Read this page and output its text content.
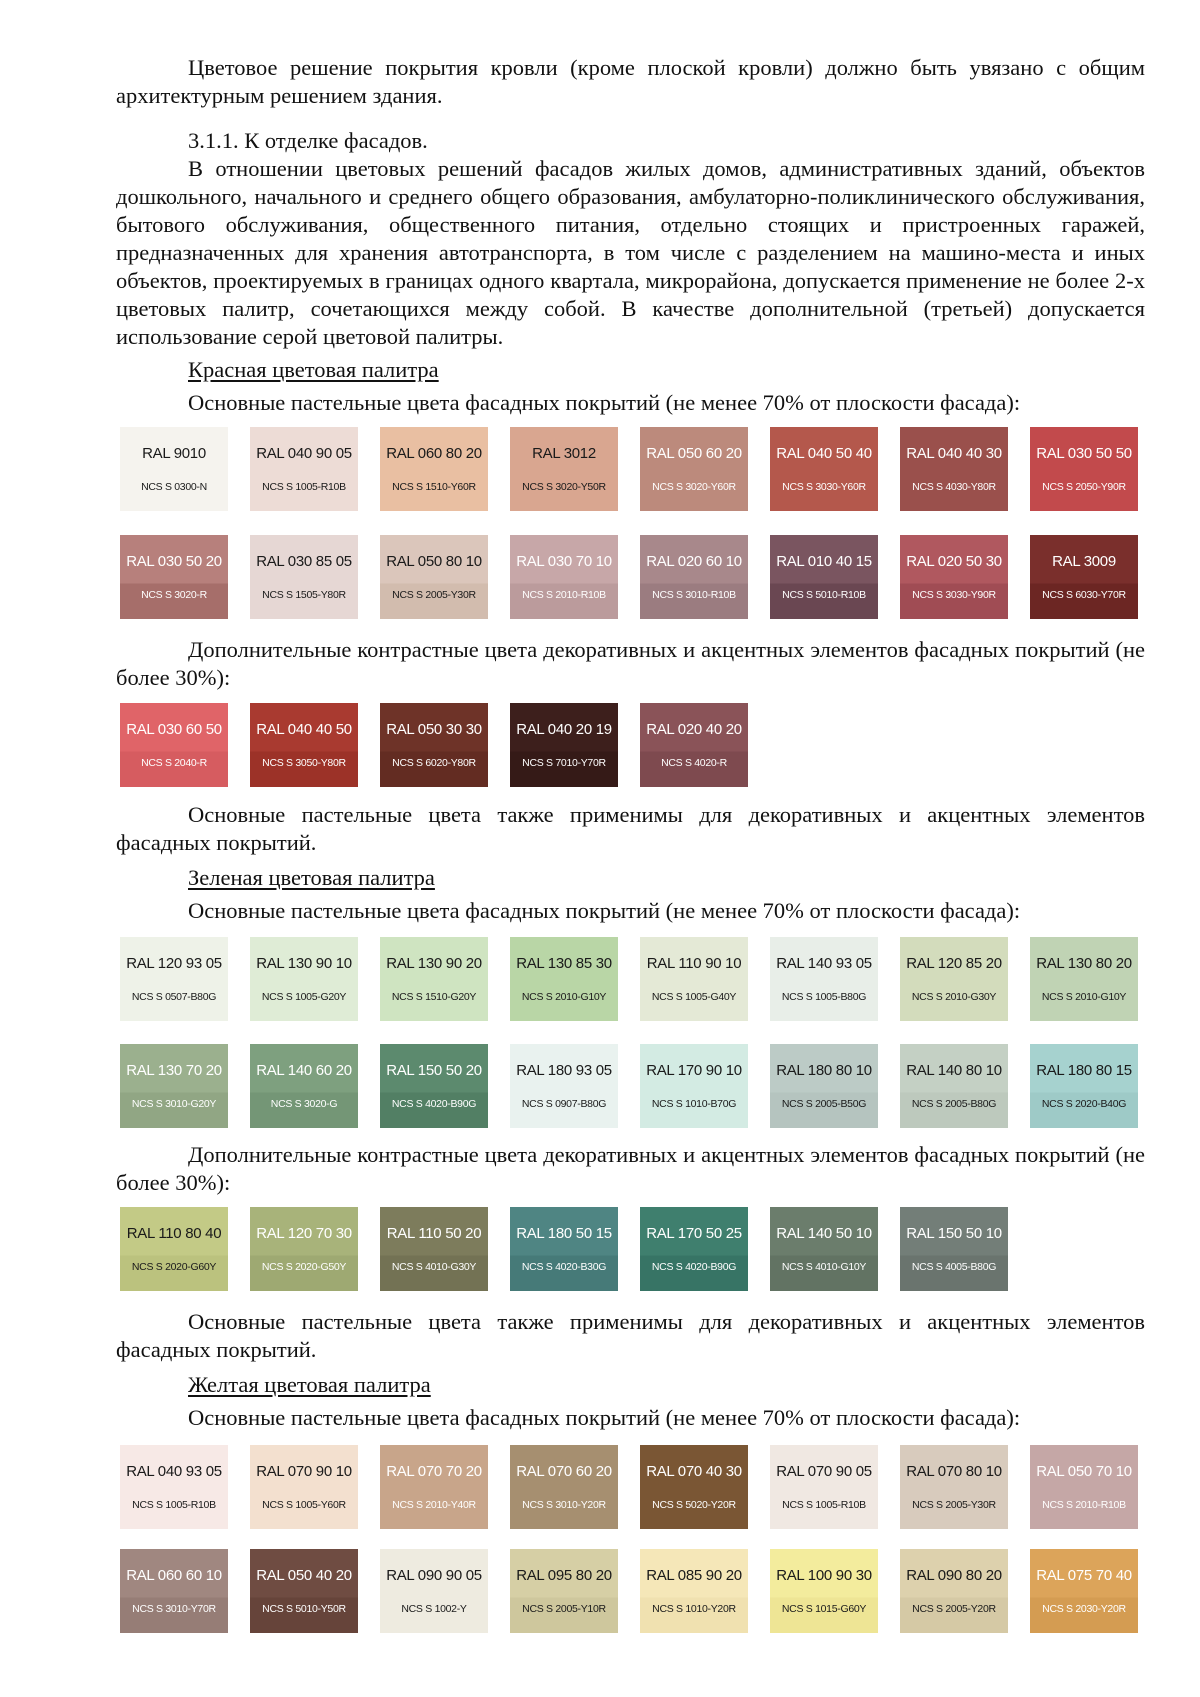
Цветовое решение покрытия кровли (кроме плоской кровли) должно быть увязано с общим архитектурным решением здания.

3.1.1. К отделке фасадов.

В отношении цветовых решений фасадов жилых домов, административных зданий, объектов дошкольного, начального и среднего общего образования, амбулаторно-поликлинического обслуживания, бытового обслуживания, общественного питания, отдельно стоящих и пристроенных гаражей, предназначенных для хранения автотранспорта, в том числе с разделением на машино-места и иных объектов, проектируемых в границах одного квартала, микрорайона, допускается применение не более 2-х цветовых палитр, сочетающихся между собой. В качестве дополнительной (третьей) допускается использование серой цветовой палитры.

Красная цветовая палитра

Основные пастельные цвета фасадных покрытий (не менее 70% от плоскости фасада):

RAL 9010
NCS S 0300-N
RAL 040 90 05
NCS S 1005-R10B
RAL 060 80 20
NCS S 1510-Y60R
RAL 3012
NCS S 3020-Y50R
RAL 050 60 20
NCS S 3020-Y60R
RAL 040 50 40
NCS S 3030-Y60R
RAL 040 40 30
NCS S 4030-Y80R
RAL 030 50 50
NCS S 2050-Y90R
RAL 030 50 20
NCS S 3020-R
RAL 030 85 05
NCS S 1505-Y80R
RAL 050 80 10
NCS S 2005-Y30R
RAL 030 70 10
NCS S 2010-R10B
RAL 020 60 10
NCS S 3010-R10B
RAL 010 40 15
NCS S 5010-R10B
RAL 020 50 30
NCS S 3030-Y90R
RAL 3009
NCS S 6030-Y70R

Дополнительные контрастные цвета декоративных и акцентных элементов фасадных покрытий (не более 30%):

RAL 030 60 50
NCS S 2040-R
RAL 040 40 50
NCS S 3050-Y80R
RAL 050 30 30
NCS S 6020-Y80R
RAL 040 20 19
NCS S 7010-Y70R
RAL 020 40 20
NCS S 4020-R

Основные пастельные цвета также применимы для декоративных и акцентных элементов фасадных покрытий.

Зеленая цветовая палитра

Основные пастельные цвета фасадных покрытий (не менее 70% от плоскости фасада):

RAL 120 93 05
NCS S 0507-B80G
RAL 130 90 10
NCS S 1005-G20Y
RAL 130 90 20
NCS S 1510-G20Y
RAL 130 85 30
NCS S 2010-G10Y
RAL 110 90 10
NCS S 1005-G40Y
RAL 140 93 05
NCS S 1005-B80G
RAL 120 85 20
NCS S 2010-G30Y
RAL 130 80 20
NCS S 2010-G10Y
RAL 130 70 20
NCS S 3010-G20Y
RAL 140 60 20
NCS S 3020-G
RAL 150 50 20
NCS S 4020-B90G
RAL 180 93 05
NCS S 0907-B80G
RAL 170 90 10
NCS S 1010-B70G
RAL 180 80 10
NCS S 2005-B50G
RAL 140 80 10
NCS S 2005-B80G
RAL 180 80 15
NCS S 2020-B40G

Дополнительные контрастные цвета декоративных и акцентных элементов фасадных покрытий (не более 30%):

RAL 110 80 40
NCS S 2020-G60Y
RAL 120 70 30
NCS S 2020-G50Y
RAL 110 50 20
NCS S 4010-G30Y
RAL 180 50 15
NCS S 4020-B30G
RAL 170 50 25
NCS S 4020-B90G
RAL 140 50 10
NCS S 4010-G10Y
RAL 150 50 10
NCS S 4005-B80G

Основные пастельные цвета также применимы для декоративных и акцентных элементов фасадных покрытий.

Желтая цветовая палитра

Основные пастельные цвета фасадных покрытий (не менее 70% от плоскости фасада):

RAL 040 93 05
NCS S 1005-R10B
RAL 070 90 10
NCS S 1005-Y60R
RAL 070 70 20
NCS S 2010-Y40R
RAL 070 60 20
NCS S 3010-Y20R
RAL 070 40 30
NCS S 5020-Y20R
RAL 070 90 05
NCS S 1005-R10B
RAL 070 80 10
NCS S 2005-Y30R
RAL 050 70 10
NCS S 2010-R10B
RAL 060 60 10
NCS S 3010-Y70R
RAL 050 40 20
NCS S 5010-Y50R
RAL 090 90 05
NCS S 1002-Y
RAL 095 80 20
NCS S 2005-Y10R
RAL 085 90 20
NCS S 1010-Y20R
RAL 100 90 30
NCS S 1015-G60Y
RAL 090 80 20
NCS S 2005-Y20R
RAL 075 70 40
NCS S 2030-Y20R
